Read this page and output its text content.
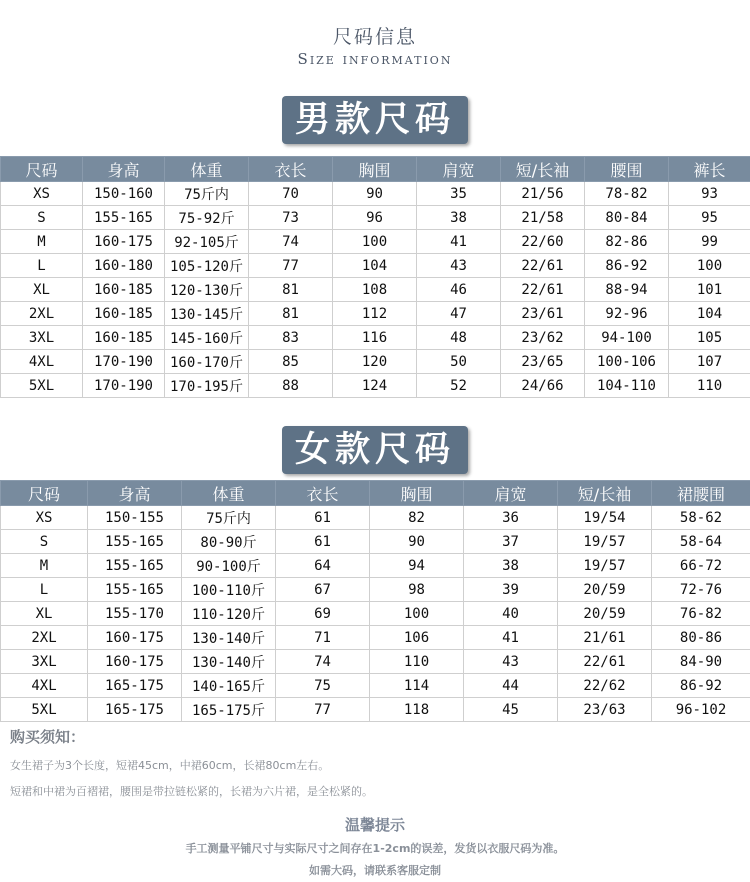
尺码信息
Size information
男款尺码
尺码	身高	体重	衣长	胸围	肩宽	短/长袖	腰围	裤长
XS	150-160	75斤内	70	90	35	21/56	78-82	93
S	155-165	75-92斤	73	96	38	21/58	80-84	95
M	160-175	92-105斤	74	100	41	22/60	82-86	99
L	160-180	105-120斤	77	104	43	22/61	86-92	100
XL	160-185	120-130斤	81	108	46	22/61	88-94	101
2XL	160-185	130-145斤	81	112	47	23/61	92-96	104
3XL	160-185	145-160斤	83	116	48	23/62	94-100	105
4XL	170-190	160-170斤	85	120	50	23/65	100-106	107
5XL	170-190	170-195斤	88	124	52	24/66	104-110	110
女款尺码
尺码	身高	体重	衣长	胸围	肩宽	短/长袖	裙腰围
XS	150-155	75斤内	61	82	36	19/54	58-62
S	155-165	80-90斤	61	90	37	19/57	58-64
M	155-165	90-100斤	64	94	38	19/57	66-72
L	155-165	100-110斤	67	98	39	20/59	72-76
XL	155-170	110-120斤	69	100	40	20/59	76-82
2XL	160-175	130-140斤	71	106	41	21/61	80-86
3XL	160-175	130-140斤	74	110	43	22/61	84-90
4XL	165-175	140-165斤	75	114	44	22/62	86-92
5XL	165-175	165-175斤	77	118	45	23/63	96-102
购买须知：
女生裙子为3个长度，短裙45cm，中裙60cm，长裙80cm左右。
短裙和中裙为百褶裙，腰围是带拉链松紧的，长裙为六片裙，是全松紧的。
温馨提示
手工测量平铺尺寸与实际尺寸之间存在1-2cm的误差，发货以衣服尺码为准。
如需大码，请联系客服定制
